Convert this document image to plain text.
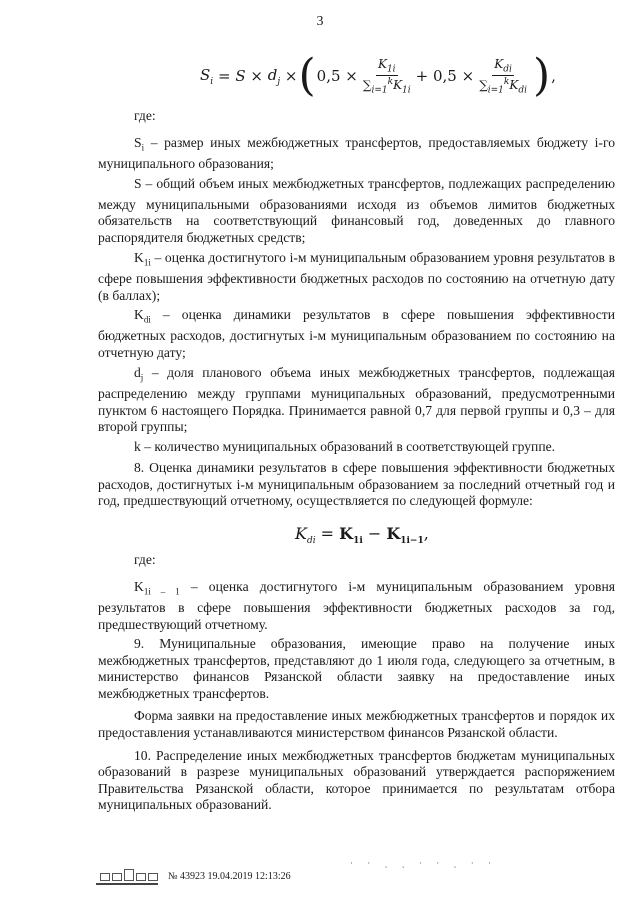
3
$S_i$
=
S
×
$d_j$
× ( $0,5 \times \frac{K_{1i}}{\sum_{i=1}^kK_{1i}} + 0,5 \times \frac{K_{di}}{\sum_{i=1}^kK_{di}}$ ) ,

где:

$S_i$ – размер иных межбюджетных трансфертов, предоставляемых бюджету i-го муниципального образования;

S – общий объем иных межбюджетных трансфертов, подлежащих распределению между муниципальными образованиями исходя из объемов лимитов бюджетных обязательств на соответствующий финансовый год, доведенных до главного распорядителя бюджетных средств;

$K_{1i}$ – оценка достигнутого i-м муниципальным образованием уровня результатов в сфере повышения эффективности бюджетных расходов по состоянию на отчетную дату (в баллах);

$K_{di}$ – оценка динамики результатов в сфере повышения эффективности бюджетных расходов, достигнутых i-м муниципальным образованием по состоянию на отчетную дату;

$d_j$ – доля планового объема иных межбюджетных трансфертов, подлежащая распределению между группами муниципальных образований, предусмотренными пунктом 6 настоящего Порядка. Принимается равной 0,7 для первой группы и 0,3 – для второй группы;

k – количество муниципальных образований в соответствующей группе.

8. Оценка динамики результатов в сфере повышения эффективности бюджетных расходов, достигнутых i-м муниципальным образованием за последний отчетный год и год, предшествующий отчетному, осуществляется по следующей формуле:

$K_{di} = K_{1i} - K_{1i-1}$,

где:

$K_{1i - 1}$ – оценка достигнутого i-м муниципальным образованием уровня результатов в сфере повышения эффективности бюджетных расходов за год, предшествующий отчетному.

9. Муниципальные образования, имеющие право на получение иных межбюджетных трансфертов, представляют до 1 июля года, следующего за отчетным, в министерство финансов Рязанской области заявку на предоставление иных межбюджетных трансфертов.

Форма заявки на предоставление иных межбюджетных трансфертов и порядок их предоставления устанавливаются министерством финансов Рязанской области.

10. Распределение иных межбюджетных трансфертов бюджетам муниципальных образований в разрезе муниципальных образований утверждается распоряжением Правительства Рязанской области, которое принимается по результатам отбора муниципальных образований.

№ 43923 19.04.2019 12:13:26
· · ˏ ˎ · · ˏ · ·
